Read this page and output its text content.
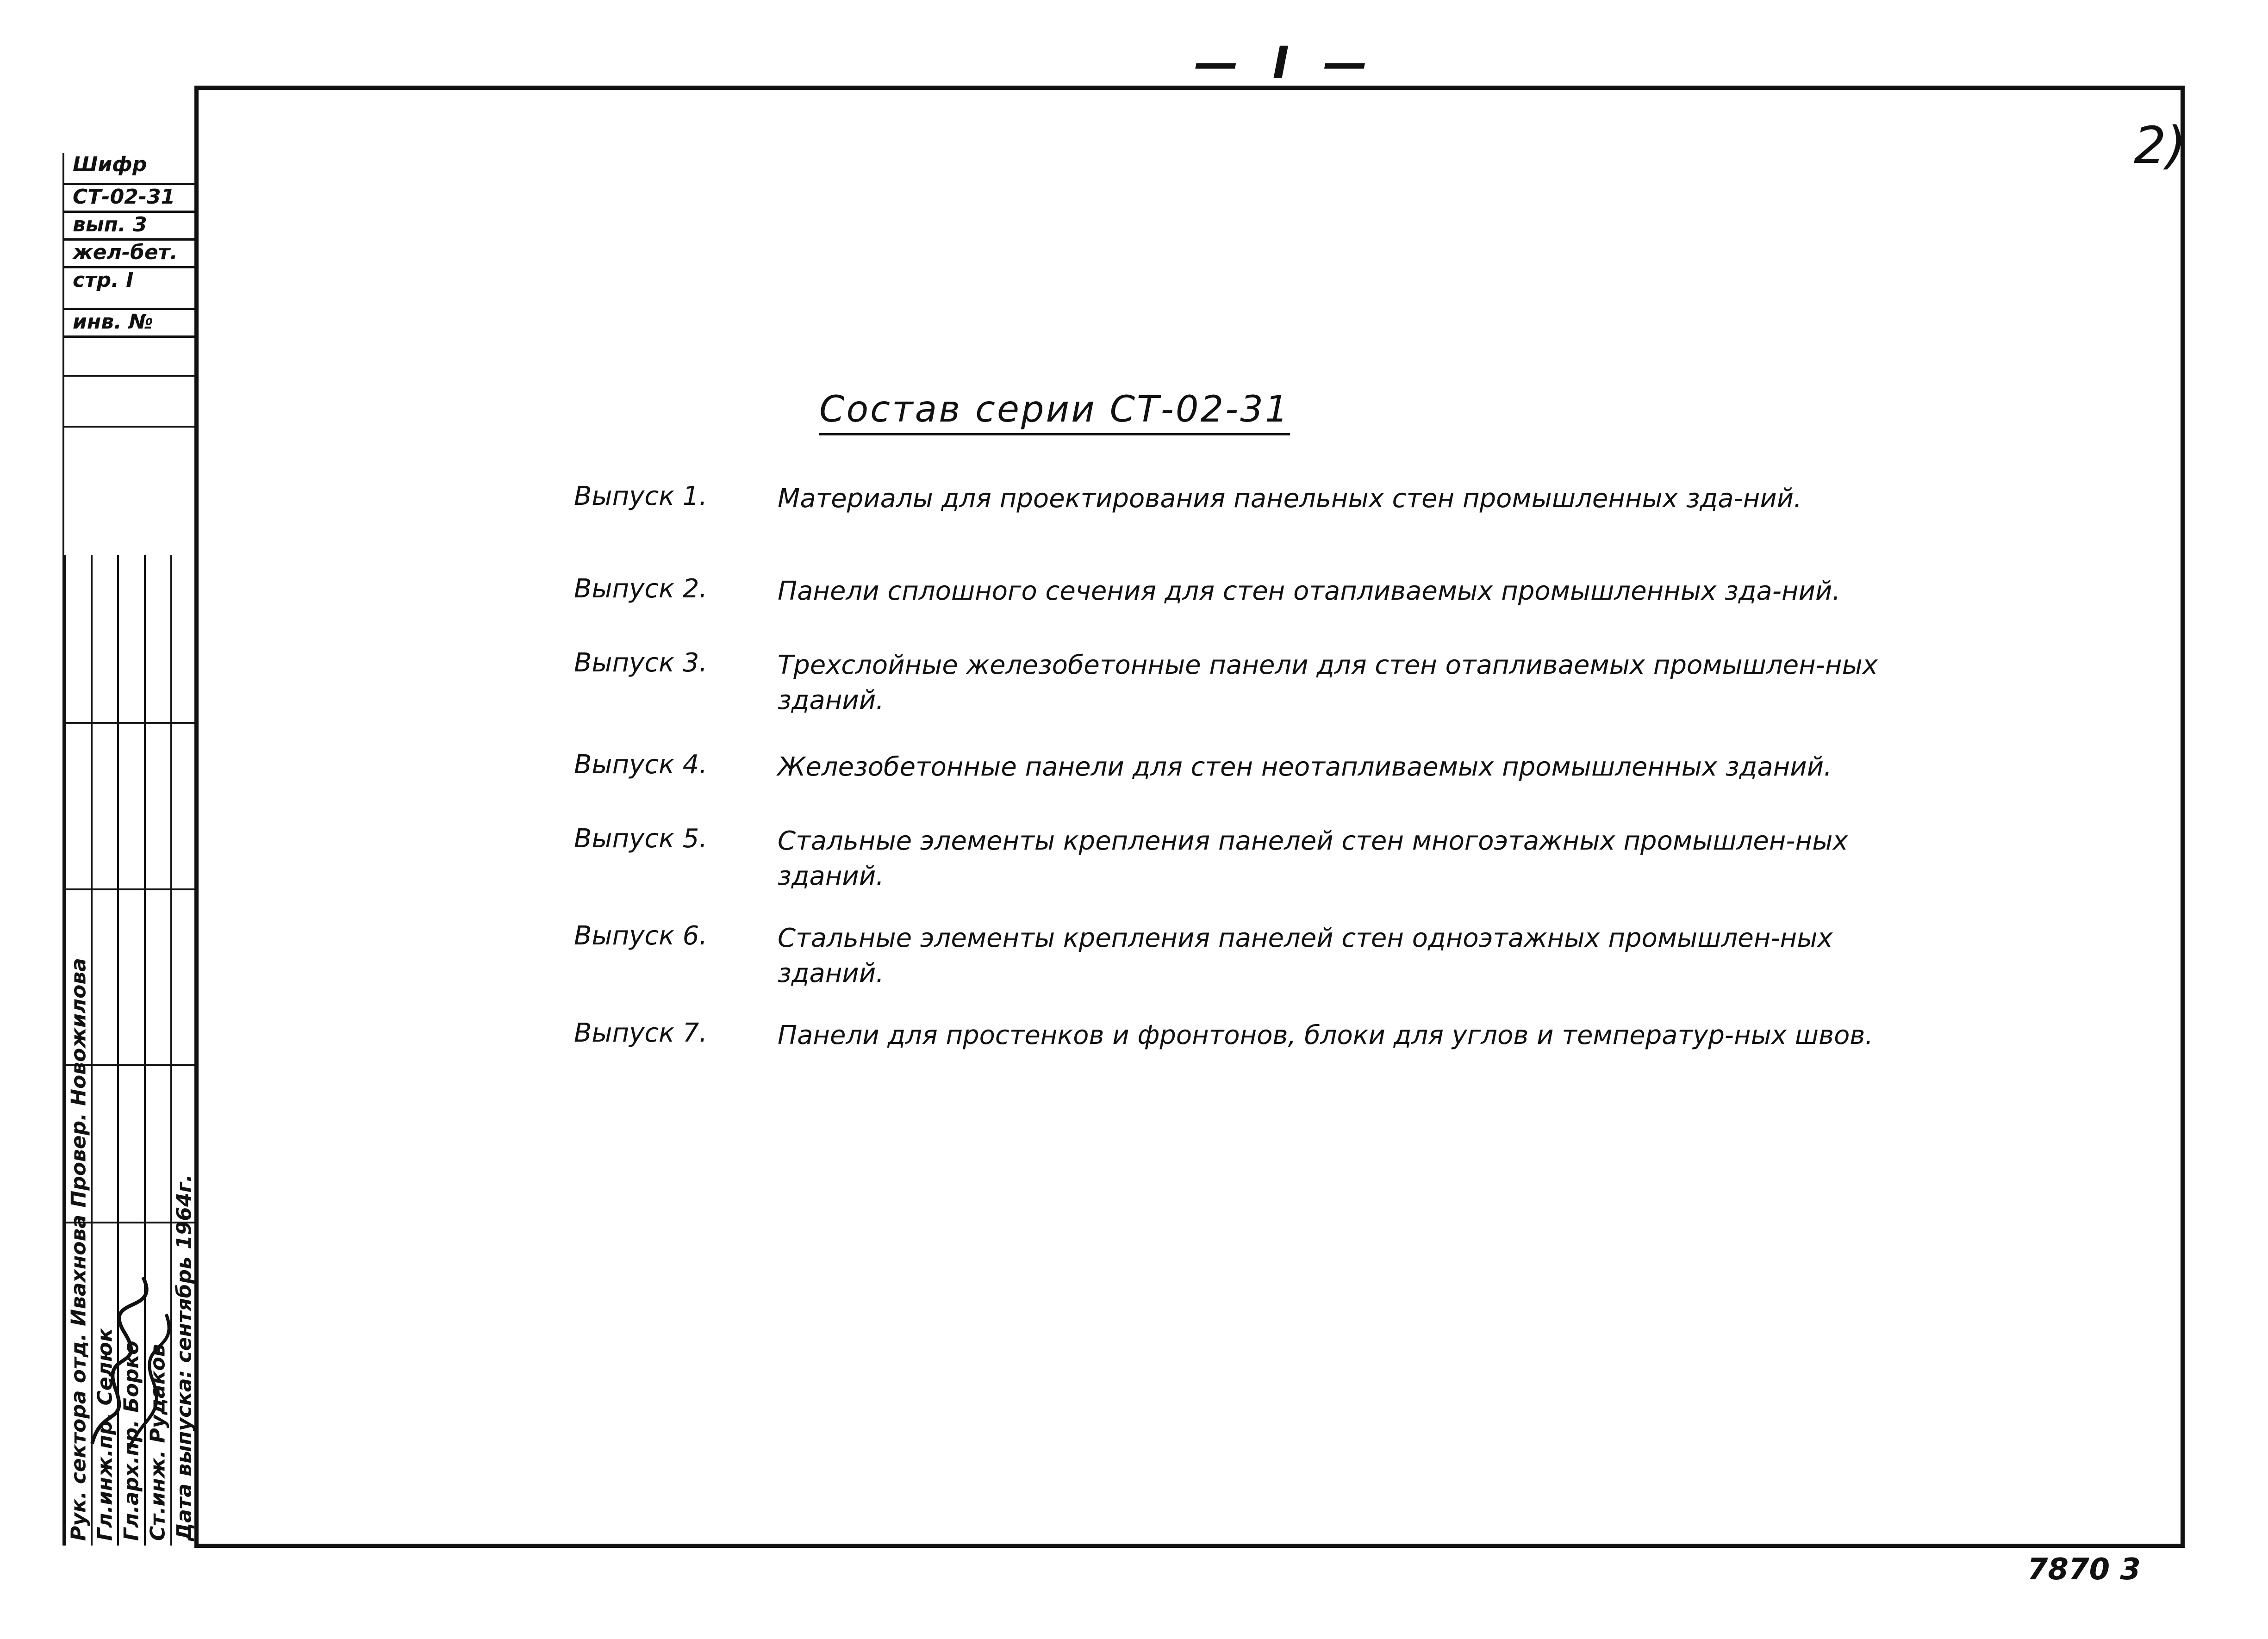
— I —
2)
Шифр
СТ-02-31
вып. 3
жел-бет.
стр. I
инв. №
Рук. сектора отд. Ивахнова Провер. Новожилова Гл.инж.пр. Селюк Гл.арх.пр. Борко Ст.инж. Рудаков Дата выпуска: сентябрь 1964г.
Состав серии СТ-02-31
Выпуск 1.	Материалы для проектирования панельных стен промышленных зда-ний.
Выпуск 2.	Панели сплошного сечения для стен отапливаемых промышленных зда-ний.
Выпуск 3.	Трехслойные железобетонные панели для стен отапливаемых промышлен-ных зданий.
Выпуск 4.	Железобетонные панели для стен неотапливаемых промышленных зданий.
Выпуск 5.	Стальные элементы крепления панелей стен многоэтажных промышлен-ных зданий.
Выпуск 6.	Стальные элементы крепления панелей стен одноэтажных промышлен-ных зданий.
Выпуск 7.	Панели для простенков и фронтонов, блоки для углов и температур-ных швов.
7870 3
